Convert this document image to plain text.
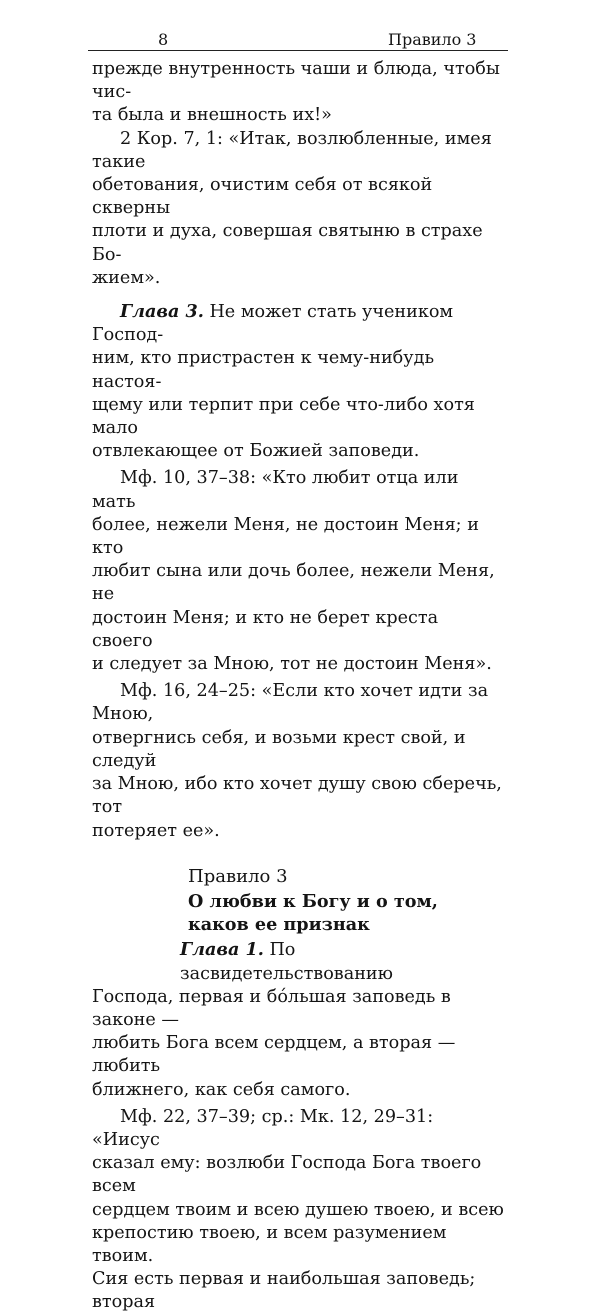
8	Правило 3

прежде внутренность чаши и блюда, чтобы чис-

та была и внешность их!»

2 Кор. 7, 1: «Итак, возлюбленные, имея такие

обетования, очистим себя от всякой скверны

плоти и духа, совершая святыню в страхе Бо-

жием».

Глава 3. Не может стать учеником Господ-

ним, кто пристрастен к чему-нибудь настоя-

щему или терпит при себе что-либо хотя мало

отвлекающее от Божией заповеди.

Мф. 10, 37–38: «Кто любит отца или мать

более, нежели Меня, не достоин Меня; и кто

любит сына или дочь более, нежели Меня, не

достоин Меня; и кто не берет креста своего

и следует за Мною, тот не достоин Меня».

Мф. 16, 24–25: «Если кто хочет идти за Мною,

отвергнись себя, и возьми крест свой, и следуй

за Мною, ибо кто хочет душу свою сберечь, тот

потеряет ее».

Правило 3

О любви к Богу и о том,

каков ее признак

Глава 1. По засвидетельствованию

Господа, первая и бо́льшая заповедь в законе —

любить Бога всем сердцем, а вторая — любить

ближнего, как себя самого.

Мф. 22, 37–39; ср.: Мк. 12, 29–31: «Иисус

сказал ему: возлюби Господа Бога твоего всем

сердцем твоим и всею душею твоею, и всею

крепостию твоею, и всем разумением твоим.

Сия есть первая и наибольшая заповедь; вторая
